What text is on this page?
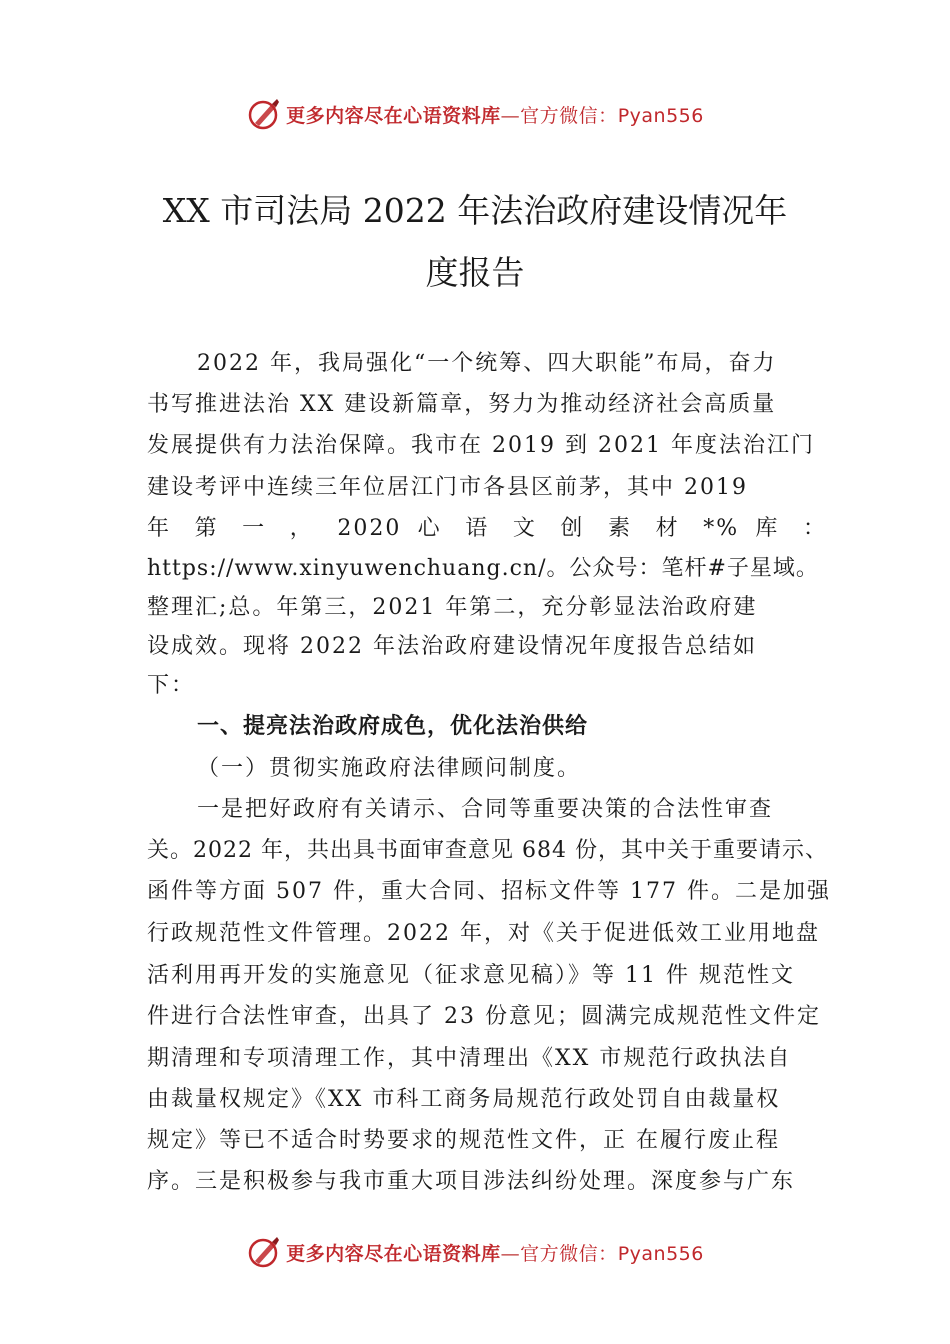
更多内容尽在心语资料库—官方微信：Pyan556
XX 市司法局 2022 年法治政府建设情况年
度报告
2022 年，我局强化“一个统筹、四大职能”布局，奋力
书写推进法治 XX 建设新篇章，努力为推动经济社会高质量
发展提供有力法治保障。我市在 2019 到 2021 年度法治江门
建设考评中连续三年位居江门市各县区前茅，其中 2019
年 第 一 ， 2020 心 语 文 创 素 材 *% 库 ：
https://www.xinyuwenchuang.cn/。公众号：笔杆#子星域。
整理汇;总。年第三，2021 年第二，充分彰显法治政府建
设成效。现将 2022 年法治政府建设情况年度报告总结如
下：
一、提亮法治政府成色，优化法治供给
（一）贯彻实施政府法律顾问制度。
一是把好政府有关请示、合同等重要决策的合法性审查
关。2022 年，共出具书面审查意见 684 份，其中关于重要请示、
函件等方面 507 件，重大合同、招标文件等 177 件。二是加强
行政规范性文件管理。2022 年，对《关于促进低效工业用地盘
活利用再开发的实施意见（征求意见稿）》等 11 件 规范性文
件进行合法性审查，出具了 23 份意见；圆满完成规范性文件定
期清理和专项清理工作，其中清理出《XX 市规范行政执法自
由裁量权规定》《XX 市科工商务局规范行政处罚自由裁量权
规定》等已不适合时势要求的规范性文件，正 在履行废止程
序。三是积极参与我市重大项目涉法纠纷处理。深度参与广东
更多内容尽在心语资料库—官方微信：Pyan556
